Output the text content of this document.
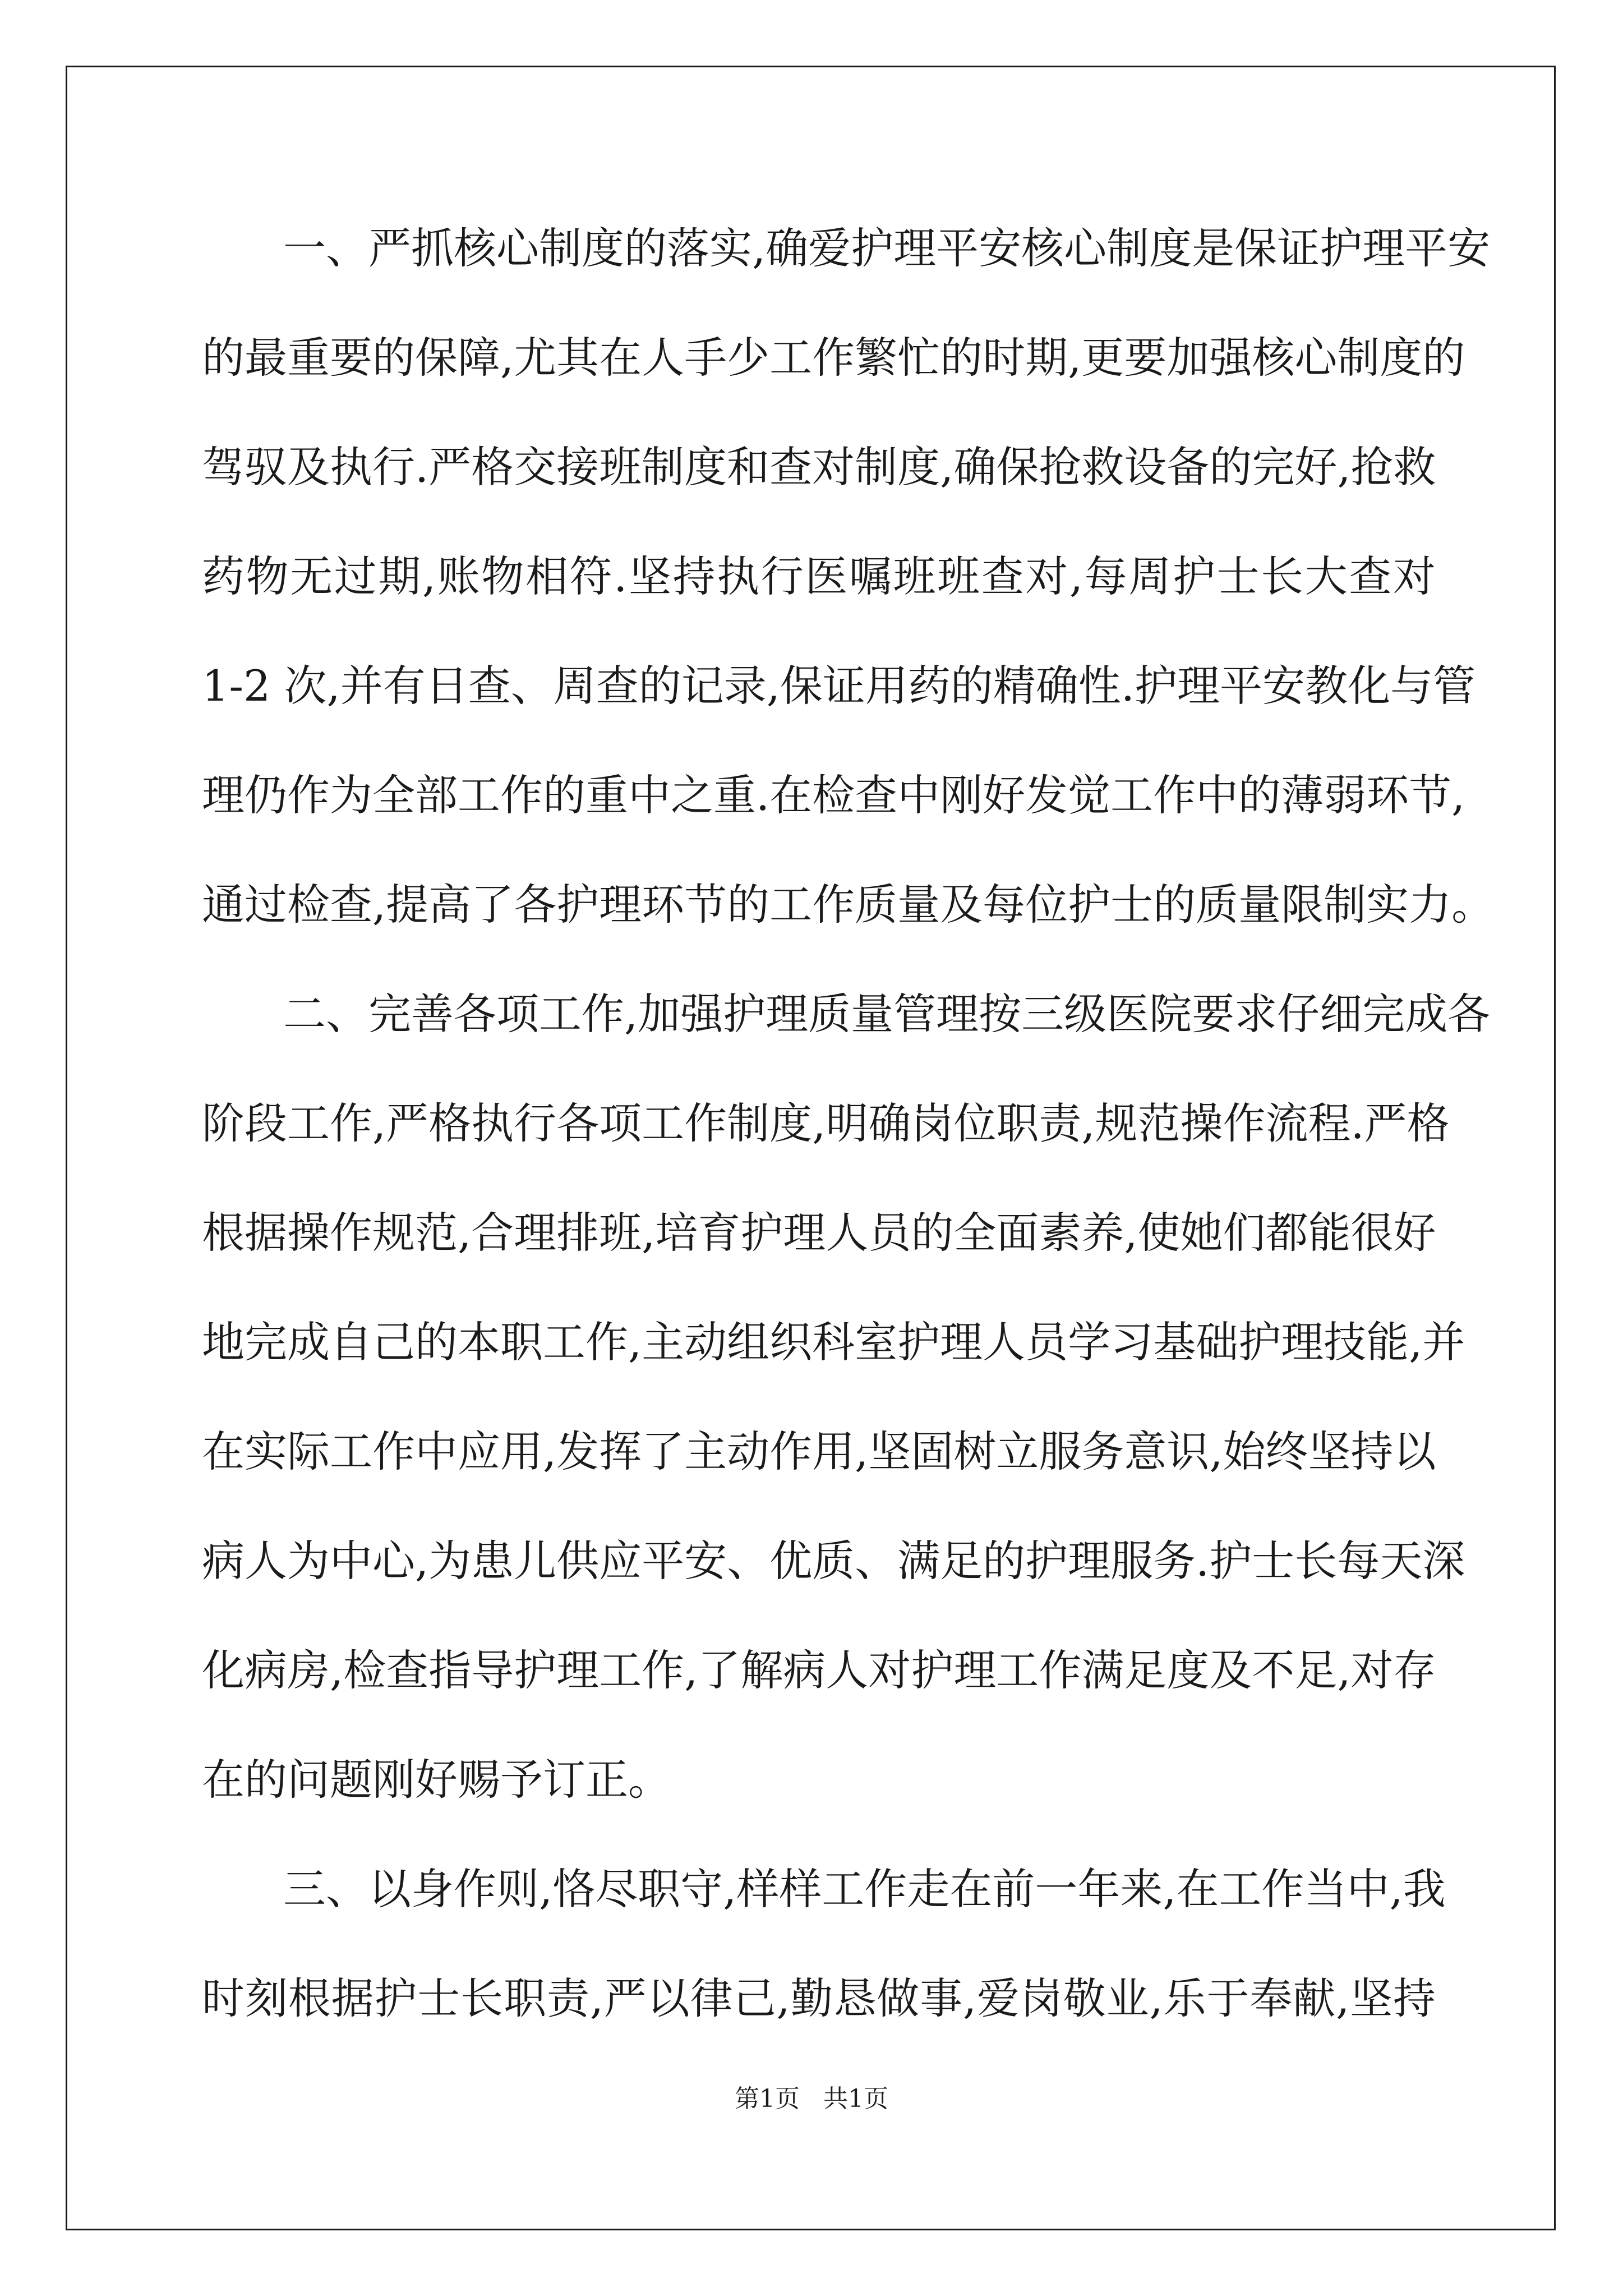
一、严抓核心制度的落实,确爱护理平安核心制度是保证护理平安

的最重要的保障,尤其在人手少工作繁忙的时期,更要加强核心制度的

驾驭及执行.严格交接班制度和查对制度,确保抢救设备的完好,抢救

药物无过期,账物相符.坚持执行医嘱班班查对,每周护士长大查对

1-2 次,并有日查、周查的记录,保证用药的精确性.护理平安教化与管

理仍作为全部工作的重中之重.在检查中刚好发觉工作中的薄弱环节,

通过检查,提高了各护理环节的工作质量及每位护士的质量限制实力。

二、完善各项工作,加强护理质量管理按三级医院要求仔细完成各

阶段工作,严格执行各项工作制度,明确岗位职责,规范操作流程.严格

根据操作规范,合理排班,培育护理人员的全面素养,使她们都能很好

地完成自己的本职工作,主动组织科室护理人员学习基础护理技能,并

在实际工作中应用,发挥了主动作用,坚固树立服务意识,始终坚持以

病人为中心,为患儿供应平安、优质、满足的护理服务.护士长每天深

化病房,检查指导护理工作,了解病人对护理工作满足度及不足,对存

在的问题刚好赐予订正。

三、以身作则,恪尽职守,样样工作走在前一年来,在工作当中,我

时刻根据护士长职责,严以律己,勤恳做事,爱岗敬业,乐于奉献,坚持

第1页   共1页
